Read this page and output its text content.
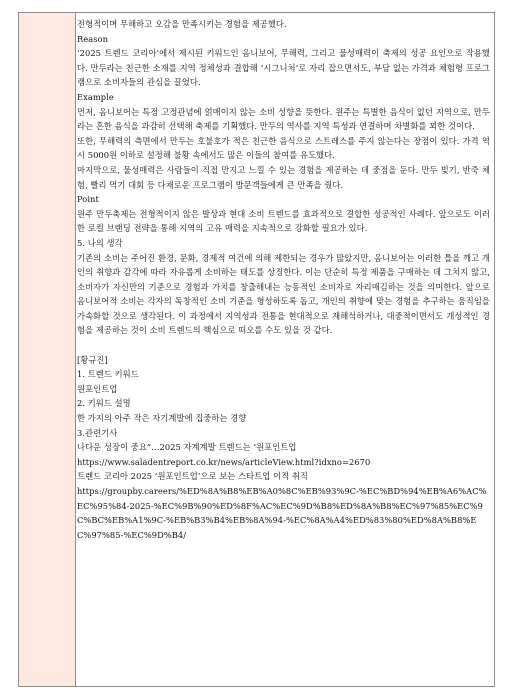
전형적이며 무해하고 오감을 만족시키는 경험을 제공했다.

Reason

‘2025 트렌드 코리아’에서 제시된 키워드인 옴니보어, 무해력, 그리고 물성매력이 축제의 성공 요인으로 작용했다. 만두라는 친근한 소재를 지역 정체성과 결합해 ‘시그니처’로 자리 잡으면서도, 부담 없는 가격과 체험형 프로그램으로 소비자들의 관심을 끌었다.

Example

먼저, 옴니보어는 특정 고정관념에 얽매이지 않는 소비 성향을 뜻한다. 원주는 특별한 음식이 없던 지역으로, 만두라는 흔한 음식을 과감히 선택해 축제를 기획했다. 만두의 역사를 지역 특성과 연결하며 차별화를 꾀한 것이다.

또한, 무해력의 측면에서 만두는 호불호가 적은 친근한 음식으로 스트레스를 주지 않는다는 장점이 있다. 가격 역시 5000원 이하로 설정해 불황 속에서도 많은 이들의 참여를 유도했다.

마지막으로, 물성매력은 사람들이 직접 만지고 느낄 수 있는 경험을 제공하는 데 중점을 둔다. 만두 빚기, 반죽 체험, 빨리 먹기 대회 등 다채로운 프로그램이 방문객들에게 큰 만족을 줬다.

Point

원주 만두축제는 전형적이지 않은 발상과 현대 소비 트렌드를 효과적으로 결합한 성공적인 사례다. 앞으로도 이러한 로컬 브랜딩 전략을 통해 지역의 고유 매력을 지속적으로 강화할 필요가 있다.

5. 나의 생각

기존의 소비는 주어진 환경, 문화, 경제적 여건에 의해 제한되는 경우가 많았지만, 옴니보어는 이러한 틀을 깨고 개인의 취향과 감각에 따라 자유롭게 소비하는 태도를 상징한다. 이는 단순히 특정 제품을 구매하는 데 그치지 않고, 소비자가 자신만의 기준으로 경험과 가치를 창출해내는 능동적인 소비자로 자리매김하는 것을 의미한다. 앞으로 옴니보어적 소비는 각자의 독창적인 소비 기준을 형성하도록 돕고, 개인의 취향에 맞는 경험을 추구하는 움직임을 가속화할 것으로 생각된다. 이 과정에서 지역성과 전통을 현대적으로 재해석하거나, 대중적이면서도 개성적인 경험을 제공하는 것이 소비 트렌드의 핵심으로 떠오를 수도 있을 것 같다.

[황규진]

1. 트렌드 키워드

원포인트업

2. 키워드 설명

한 가지의 아주 작은 자기계발에 집중하는 경향

3.관련기사

나다운 성장이 중요”…2025 자계계발 트렌드는 ‘원포인트업

https://www.saladentreport.co.kr/news/articleView.html?idxno=2670

트렌드 코리아 2025 ‘원포인트업’으로 보는 스타트업 이직 취직

https://groupby.careers/%ED%8A%B8%EB%A0%8C%EB%93%9C-%EC%BD%94%EB%A6%AC%EC%95%84-2025-%EC%9B%90%ED%8F%AC%EC%9D%B8%ED%8A%B8%EC%97%85%EC%9C%BC%EB%A1%9C-%EB%B3%B4%EB%8A%94-%EC%8A%A4%ED%83%80%ED%8A%B8%EC%97%85-%EC%9D%B4/
